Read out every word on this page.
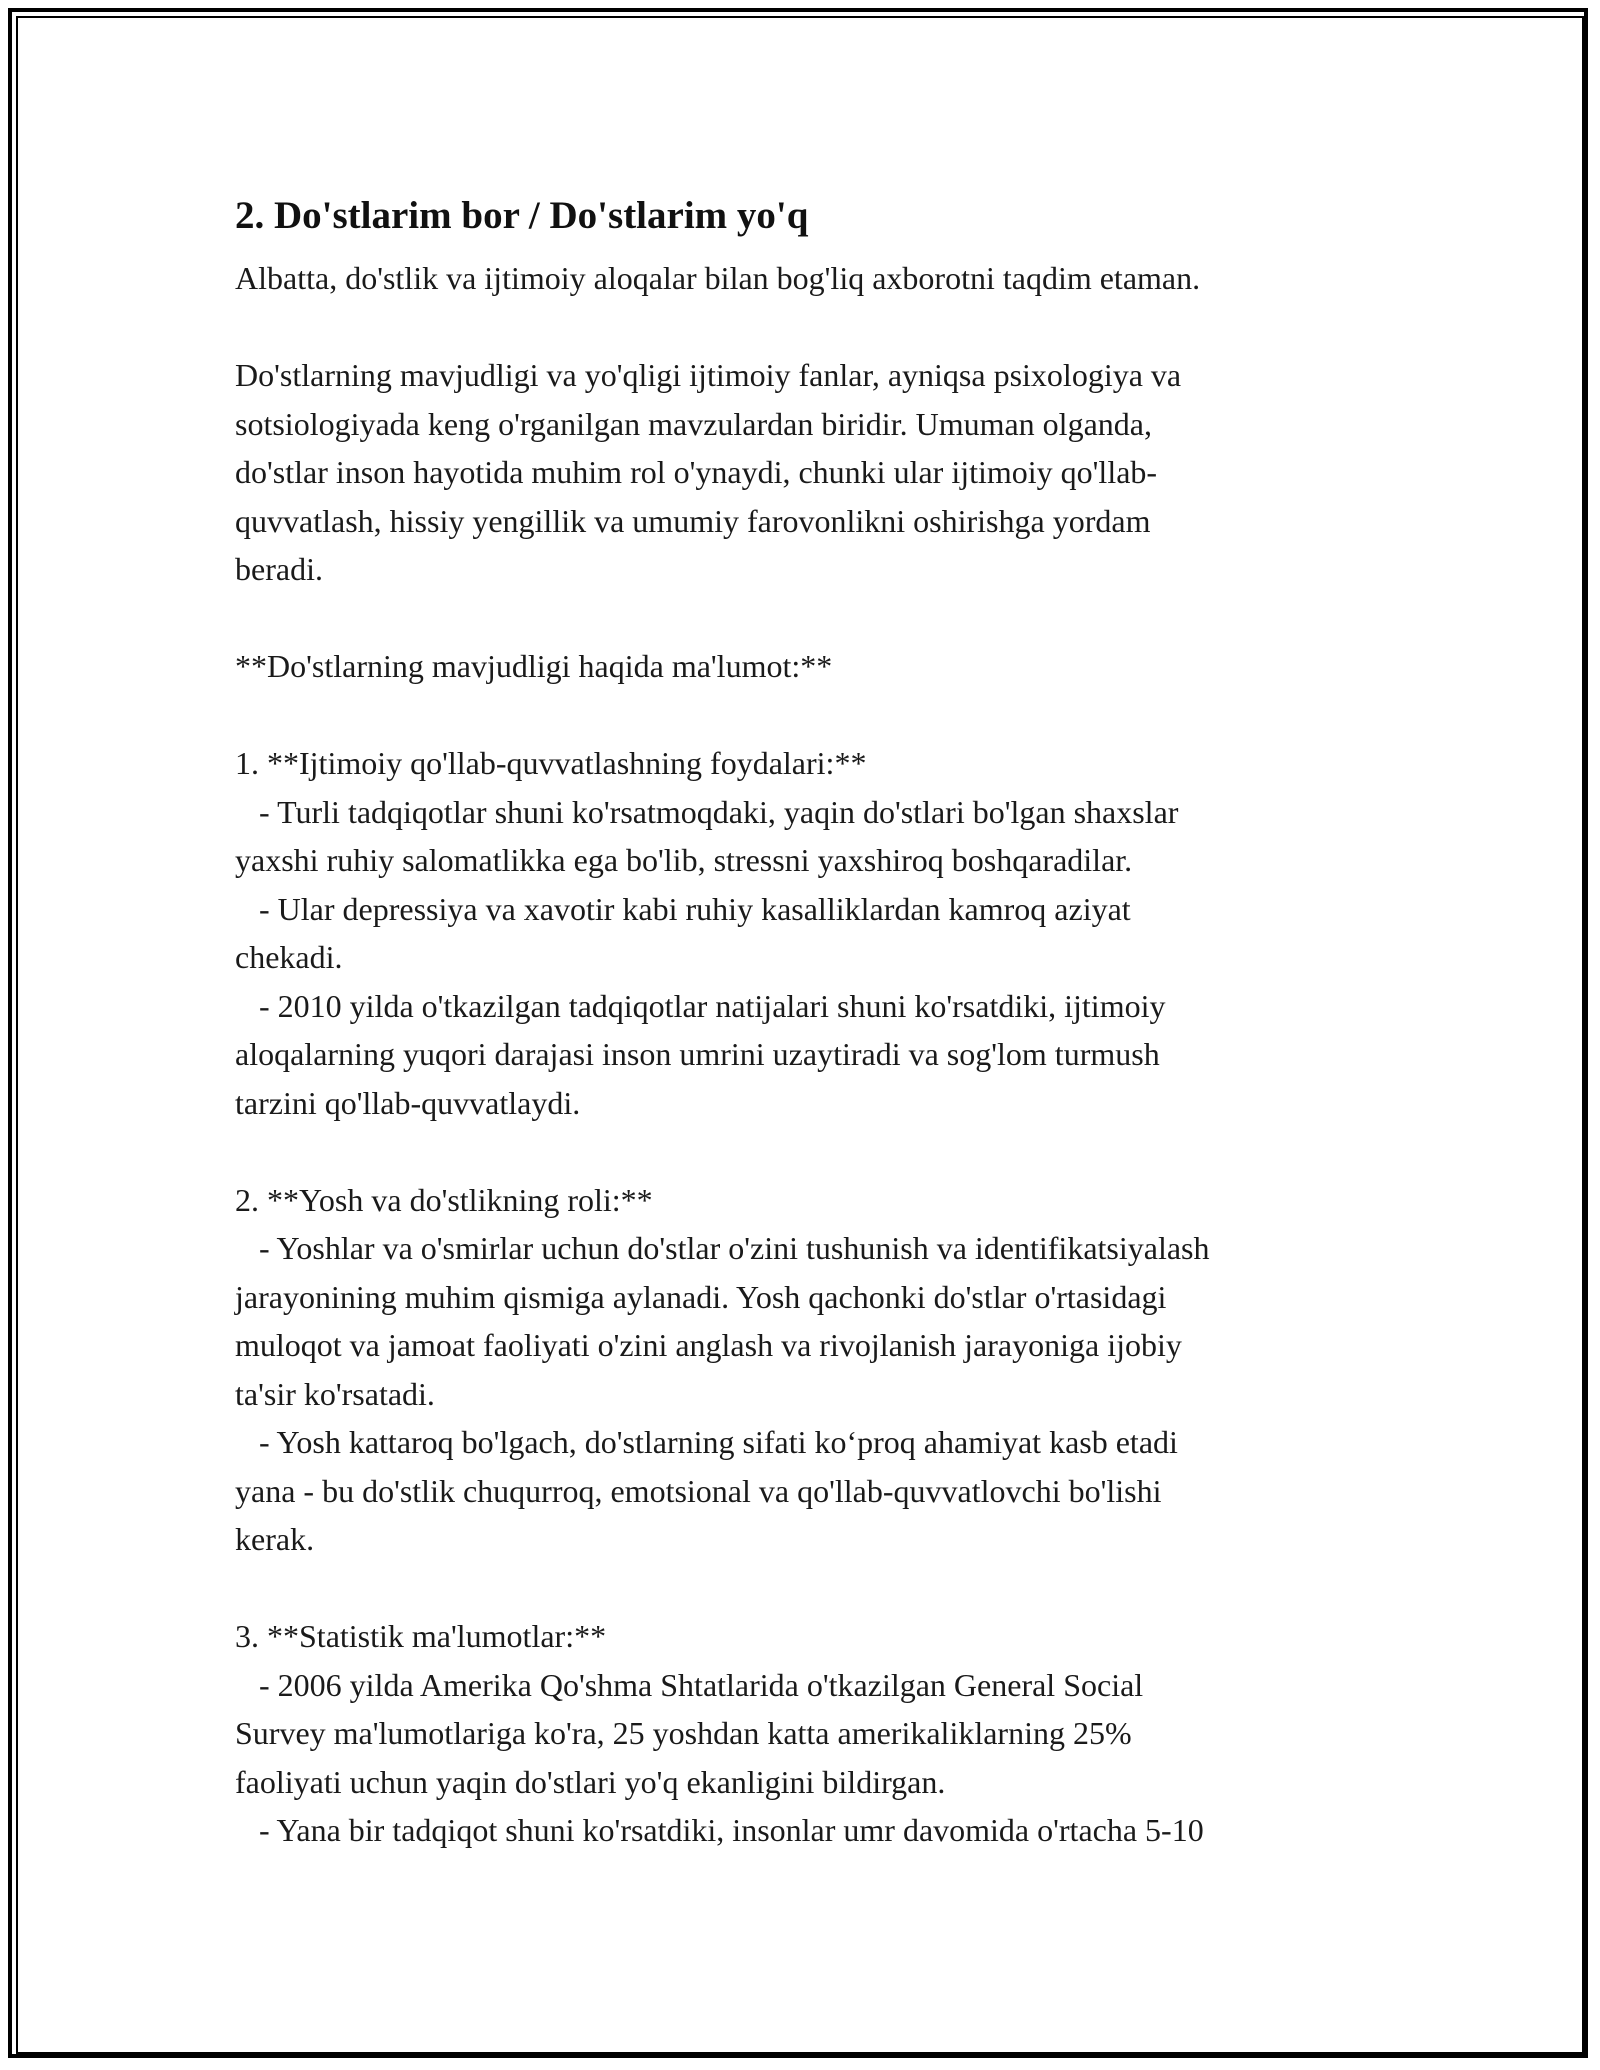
2. Do'stlarim bor / Do'stlarim yo'q

Albatta, do'stlik va ijtimoiy aloqalar bilan bog'liq axborotni taqdim etaman.

Do'stlarning mavjudligi va yo'qligi ijtimoiy fanlar, ayniqsa psixologiya va
sotsiologiyada keng o'rganilgan mavzulardan biridir. Umuman olganda,
do'stlar inson hayotida muhim rol o'ynaydi, chunki ular ijtimoiy qo'llab-
quvvatlash, hissiy yengillik va umumiy farovonlikni oshirishga yordam
beradi.

**Do'stlarning mavjudligi haqida ma'lumot:**

1. **Ijtimoiy qo'llab-quvvatlashning foydalari:**

- Turli tadqiqotlar shuni ko'rsatmoqdaki, yaqin do'stlari bo'lgan shaxslar
yaxshi ruhiy salomatlikka ega bo'lib, stressni yaxshiroq boshqaradilar.

- Ular depressiya va xavotir kabi ruhiy kasalliklardan kamroq aziyat
chekadi.

- 2010 yilda o'tkazilgan tadqiqotlar natijalari shuni ko'rsatdiki, ijtimoiy
aloqalarning yuqori darajasi inson umrini uzaytiradi va sog'lom turmush
tarzini qo'llab-quvvatlaydi.

2. **Yosh va do'stlikning roli:**

- Yoshlar va o'smirlar uchun do'stlar o'zini tushunish va identifikatsiyalash
jarayonining muhim qismiga aylanadi. Yosh qachonki do'stlar o'rtasidagi
muloqot va jamoat faoliyati o'zini anglash va rivojlanish jarayoniga ijobiy
ta'sir ko'rsatadi.

- Yosh kattaroq bo'lgach, do'stlarning sifati ko‘proq ahamiyat kasb etadi
yana - bu do'stlik chuqurroq, emotsional va qo'llab-quvvatlovchi bo'lishi
kerak.

3. **Statistik ma'lumotlar:**

- 2006 yilda Amerika Qo'shma Shtatlarida o'tkazilgan General Social
Survey ma'lumotlariga ko'ra, 25 yoshdan katta amerikaliklarning 25%
faoliyati uchun yaqin do'stlari yo'q ekanligini bildirgan.

- Yana bir tadqiqot shuni ko'rsatdiki, insonlar umr davomida o'rtacha 5-10
